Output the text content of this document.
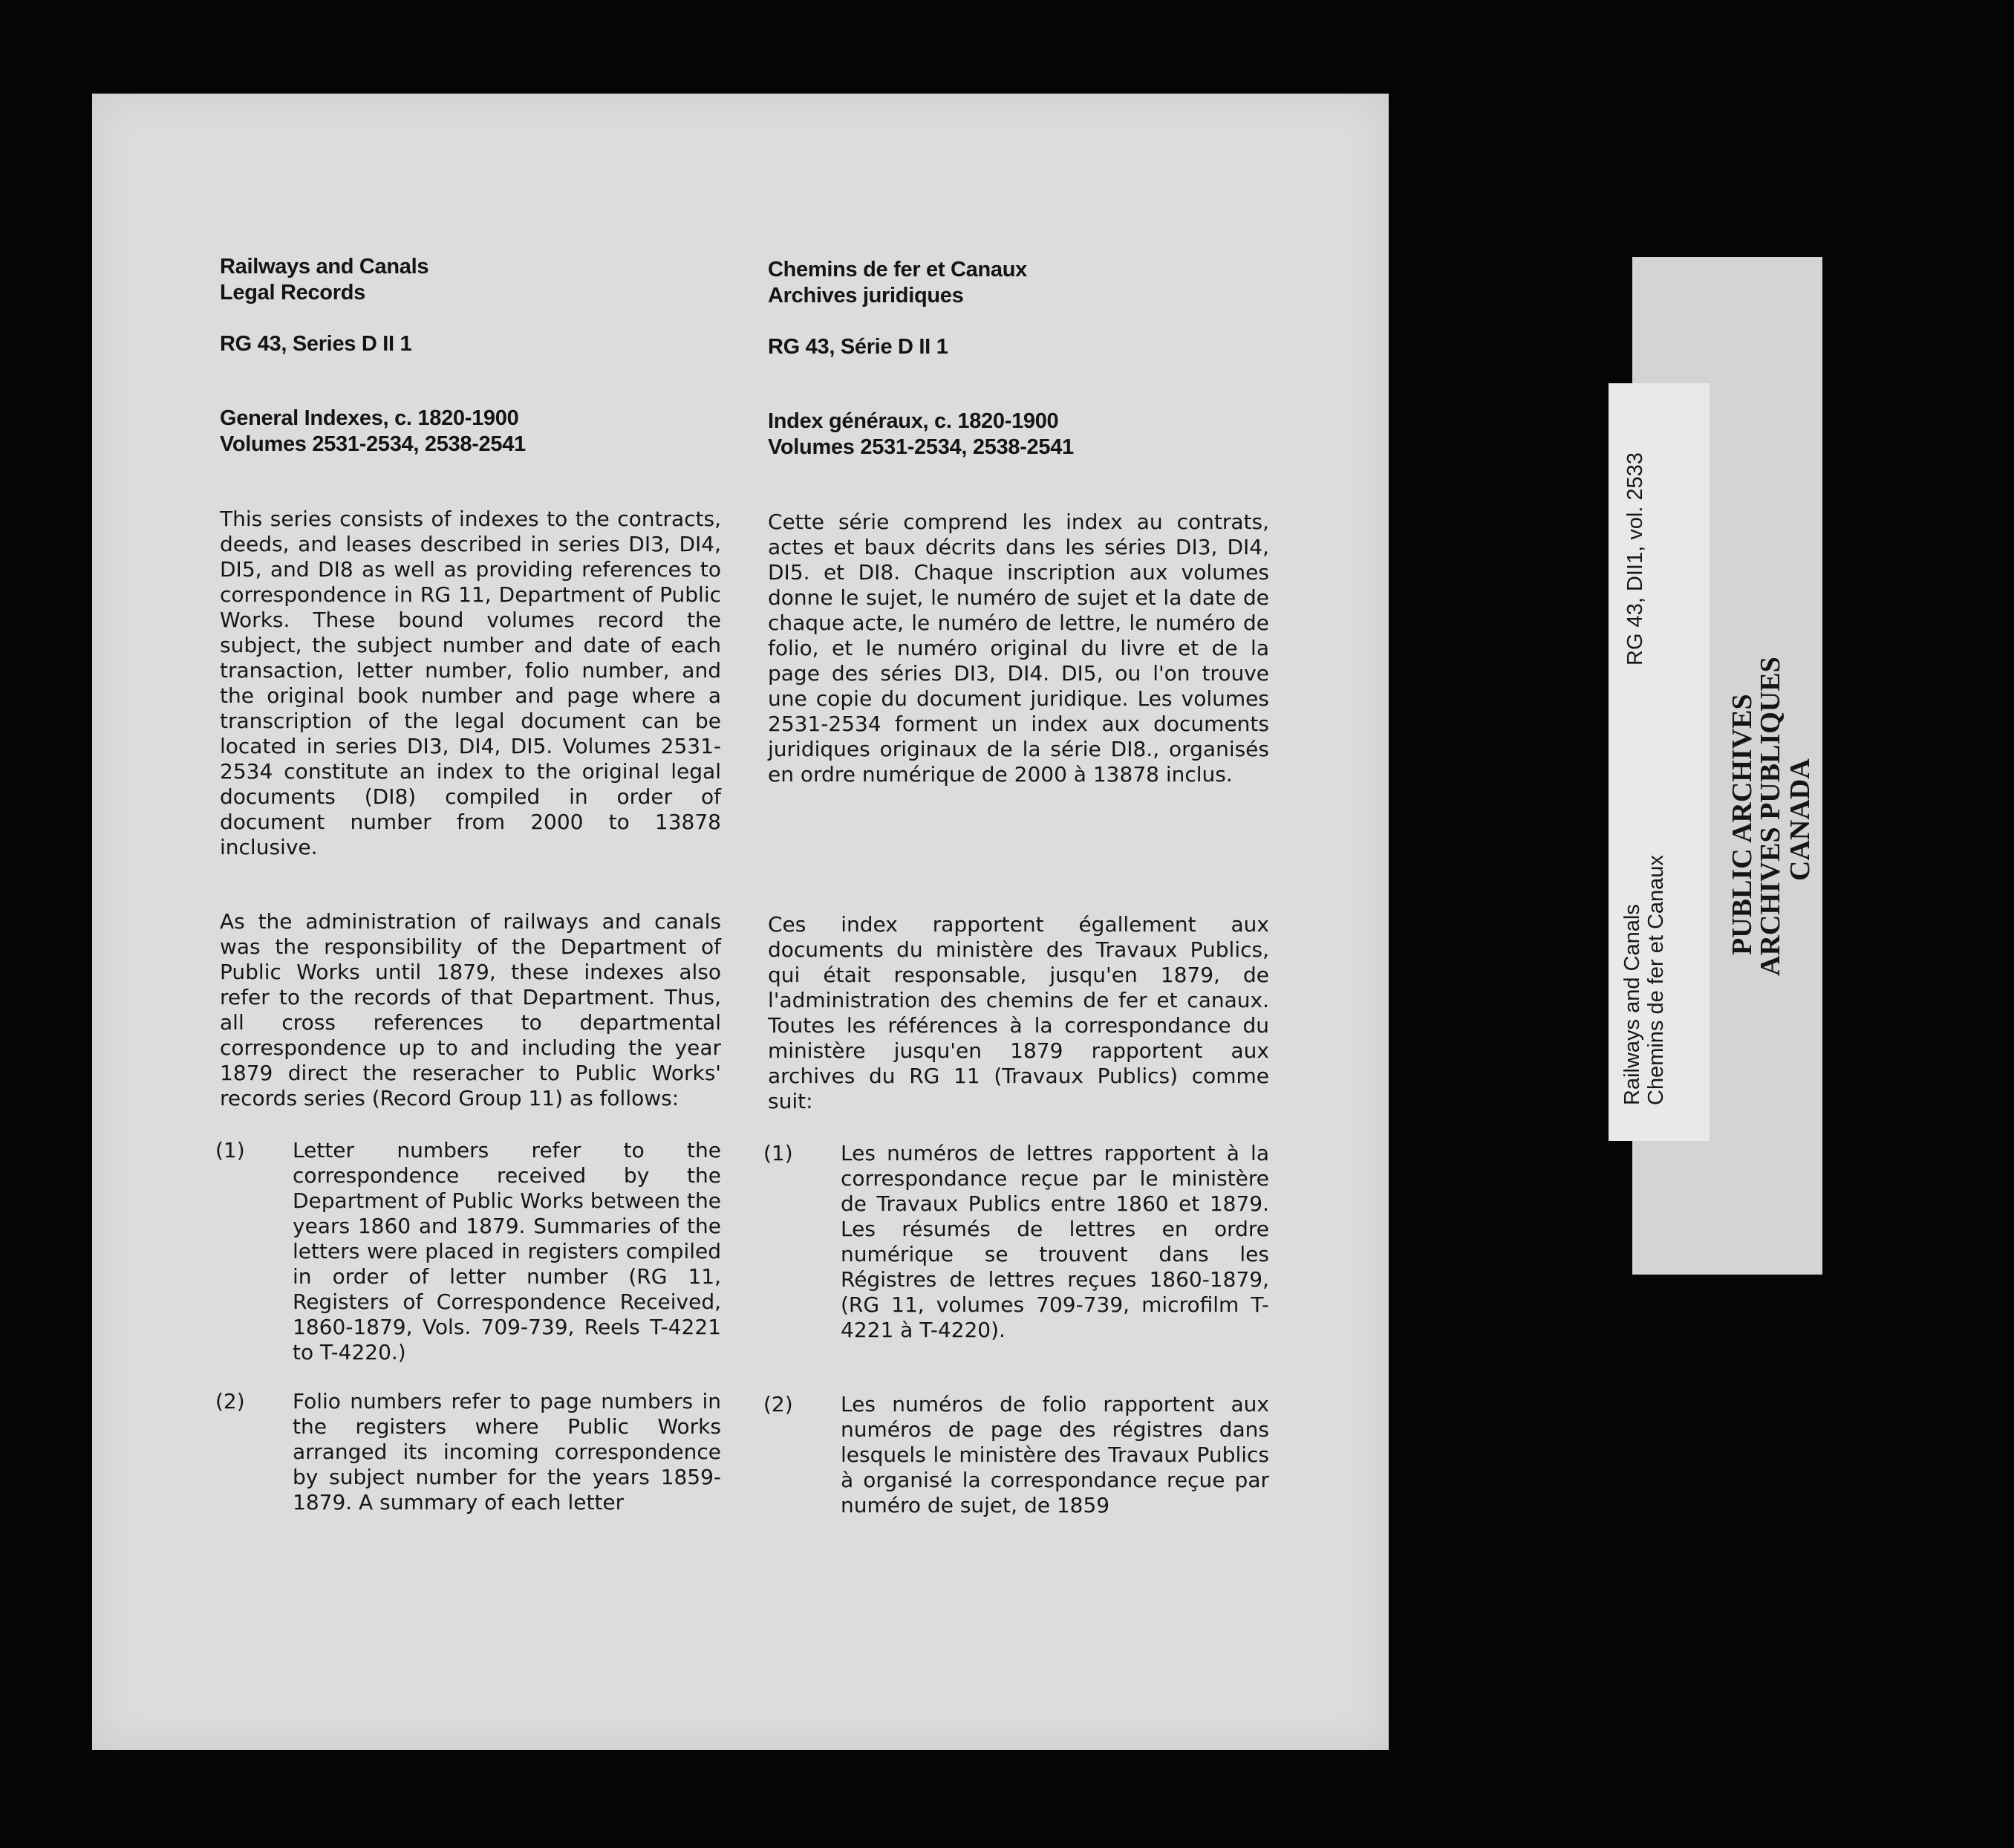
Railways and Canals
Legal Records
RG 43, Series D II 1
General Indexes, c. 1820-1900
Volumes 2531-2534, 2538-2541
This series consists of indexes to the contracts, deeds, and leases described in series DI3, DI4, DI5, and DI8 as well as providing references to correspondence in RG 11, Department of Public Works. These bound volumes record the subject, the subject number and date of each transaction, letter number, folio number, and the original book number and page where a transcription of the legal document can be located in series DI3, DI4, DI5. Volumes 2531-2534 constitute an index to the original legal documents (DI8) compiled in order of document number from 2000 to 13878 inclusive.
As the administration of railways and canals was the responsibility of the Department of Public Works until 1879, these indexes also refer to the records of that Department. Thus, all cross references to departmental correspondence up to and including the year 1879 direct the reseracher to Public Works' records series (Record Group 11) as follows:
(1) Letter numbers refer to the correspondence received by the Department of Public Works between the years 1860 and 1879. Summaries of the letters were placed in registers compiled in order of letter number (RG 11, Registers of Correspondence Received, 1860-1879, Vols. 709-739, Reels T-4221 to T-4220.)
(2) Folio numbers refer to page numbers in the registers where Public Works arranged its incoming correspondence by subject number for the years 1859-1879. A summary of each letter
Chemins de fer et Canaux
Archives juridiques
RG 43, Série D II 1
Index généraux, c. 1820-1900
Volumes 2531-2534, 2538-2541
Cette série comprend les index au contrats, actes et baux décrits dans les séries DI3, DI4, DI5. et DI8. Chaque inscription aux volumes donne le sujet, le numéro de sujet et la date de chaque acte, le numéro de lettre, le numéro de folio, et le numéro original du livre et de la page des séries DI3, DI4. DI5, ou l'on trouve une copie du document juridique. Les volumes 2531-2534 forment un index aux documents juridiques originaux de la série DI8., organisés en ordre numérique de 2000 à 13878 inclus.
Ces index rapportent égallement aux documents du ministère des Travaux Publics, qui était responsable, jusqu'en 1879, de l'administration des chemins de fer et canaux. Toutes les références à la correspondance du ministère jusqu'en 1879 rapportent aux archives du RG 11 (Travaux Publics) comme suit:
(1) Les numéros de lettres rapportent à la correspondance reçue par le ministère de Travaux Publics entre 1860 et 1879. Les résumés de lettres en ordre numérique se trouvent dans les Régistres de lettres reçues 1860-1879, (RG 11, volumes 709-739, microfilm T-4221 à T-4220).
(2) Les numéros de folio rapportent aux numéros de page des régistres dans lesquels le ministère des Travaux Publics à organisé la correspondance reçue par numéro de sujet, de 1859
PUBLIC ARCHIVES
ARCHIVES PUBLIQUES
CANADA
RG 43, DII1, vol. 2533
Railways and Canals Chemins de fer et Canaux
